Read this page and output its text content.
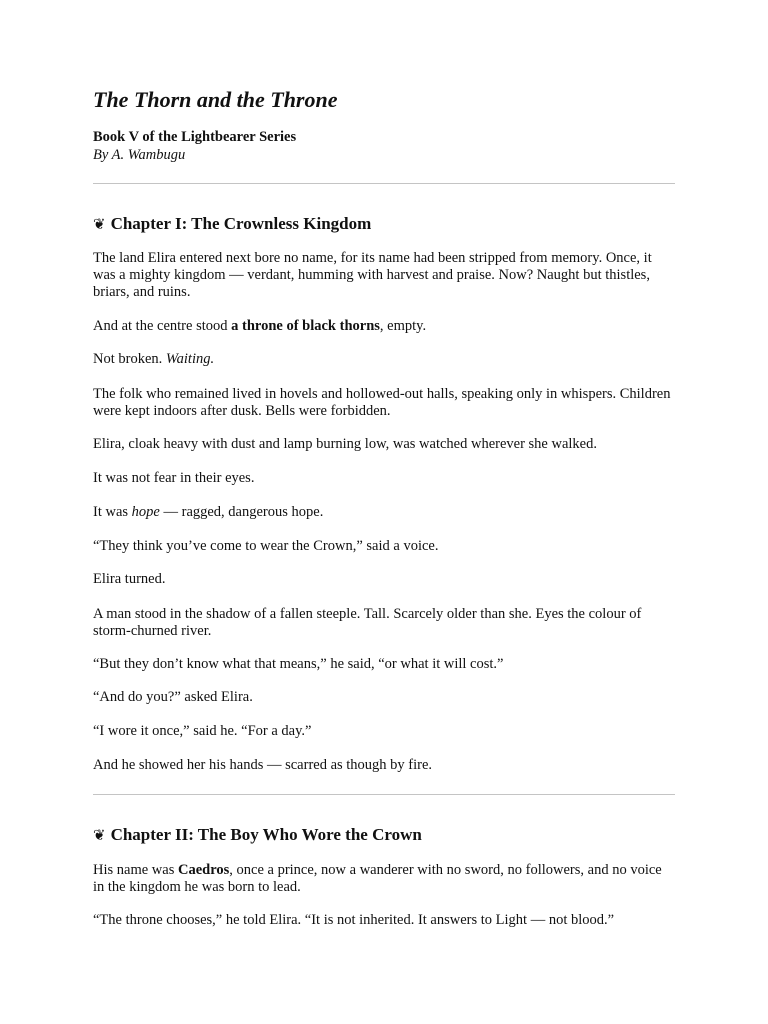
The Thorn and the Throne
Book V of the Lightbearer Series
By A. Wambugu
❦ Chapter I: The Crownless Kingdom

The land Elira entered next bore no name, for its name had been stripped from memory. Once, it was a mighty kingdom — verdant, humming with harvest and praise. Now? Naught but thistles, briars, and ruins.

And at the centre stood a throne of black thorns, empty.

Not broken. Waiting.

The folk who remained lived in hovels and hollowed-out halls, speaking only in whispers. Children were kept indoors after dusk. Bells were forbidden.

Elira, cloak heavy with dust and lamp burning low, was watched wherever she walked.

It was not fear in their eyes.

It was hope — ragged, dangerous hope.

“They think you’ve come to wear the Crown,” said a voice.

Elira turned.

A man stood in the shadow of a fallen steeple. Tall. Scarcely older than she. Eyes the colour of storm-churned river.

“But they don’t know what that means,” he said, “or what it will cost.”

“And do you?” asked Elira.

“I wore it once,” said he. “For a day.”

And he showed her his hands — scarred as though by fire.

❦ Chapter II: The Boy Who Wore the Crown

His name was Caedros, once a prince, now a wanderer with no sword, no followers, and no voice in the kingdom he was born to lead.

“The throne chooses,” he told Elira. “It is not inherited. It answers to Light — not blood.”
